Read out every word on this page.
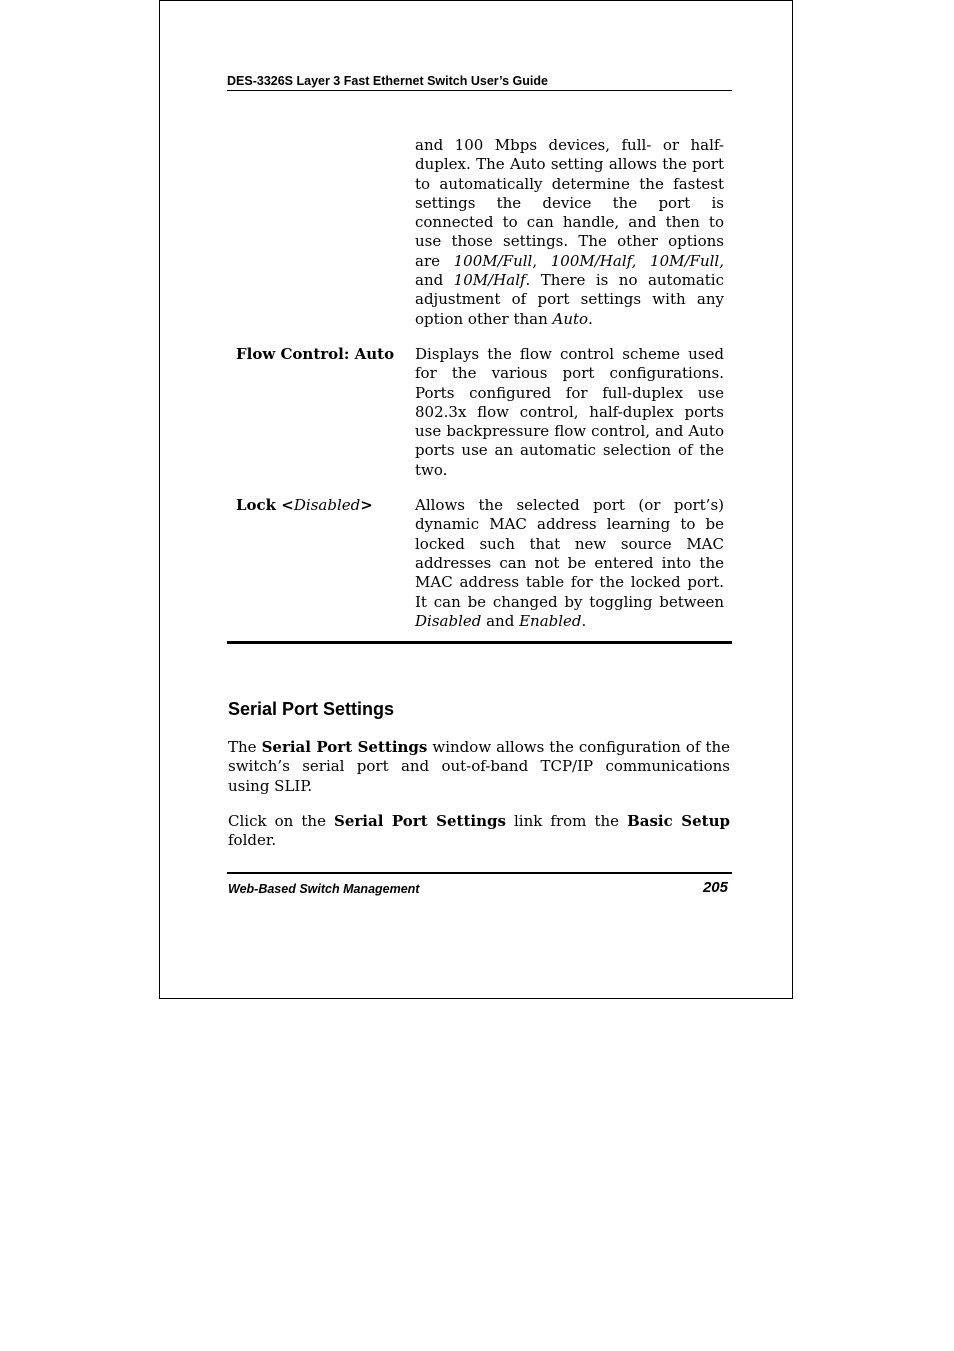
DES-3326S Layer 3 Fast Ethernet Switch User’s Guide
and 100 Mbps devices, full- or half-duplex. The Auto setting allows the port to automatically determine the fastest settings the device the port is connected to can handle, and then to use those settings. The other options are 100M/Full, 100M/Half, 10M/Full, and 10M/Half. There is no automatic adjustment of port settings with any option other than Auto.
Flow Control: Auto	Displays the flow control scheme used for the various port configurations. Ports configured for full-duplex use 802.3x flow control, half-duplex ports use backpressure flow control, and Auto ports use an automatic selection of the two.
Lock <Disabled>	Allows the selected port (or port’s) dynamic MAC address learning to be locked such that new source MAC addresses can not be entered into the MAC address table for the locked port. It can be changed by toggling between Disabled and Enabled.
Serial Port Settings
The Serial Port Settings window allows the configuration of the switch’s serial port and out-of-band TCP/IP communications using SLIP.
Click on the Serial Port Settings link from the Basic Setup folder.
Web-Based Switch Management	205
